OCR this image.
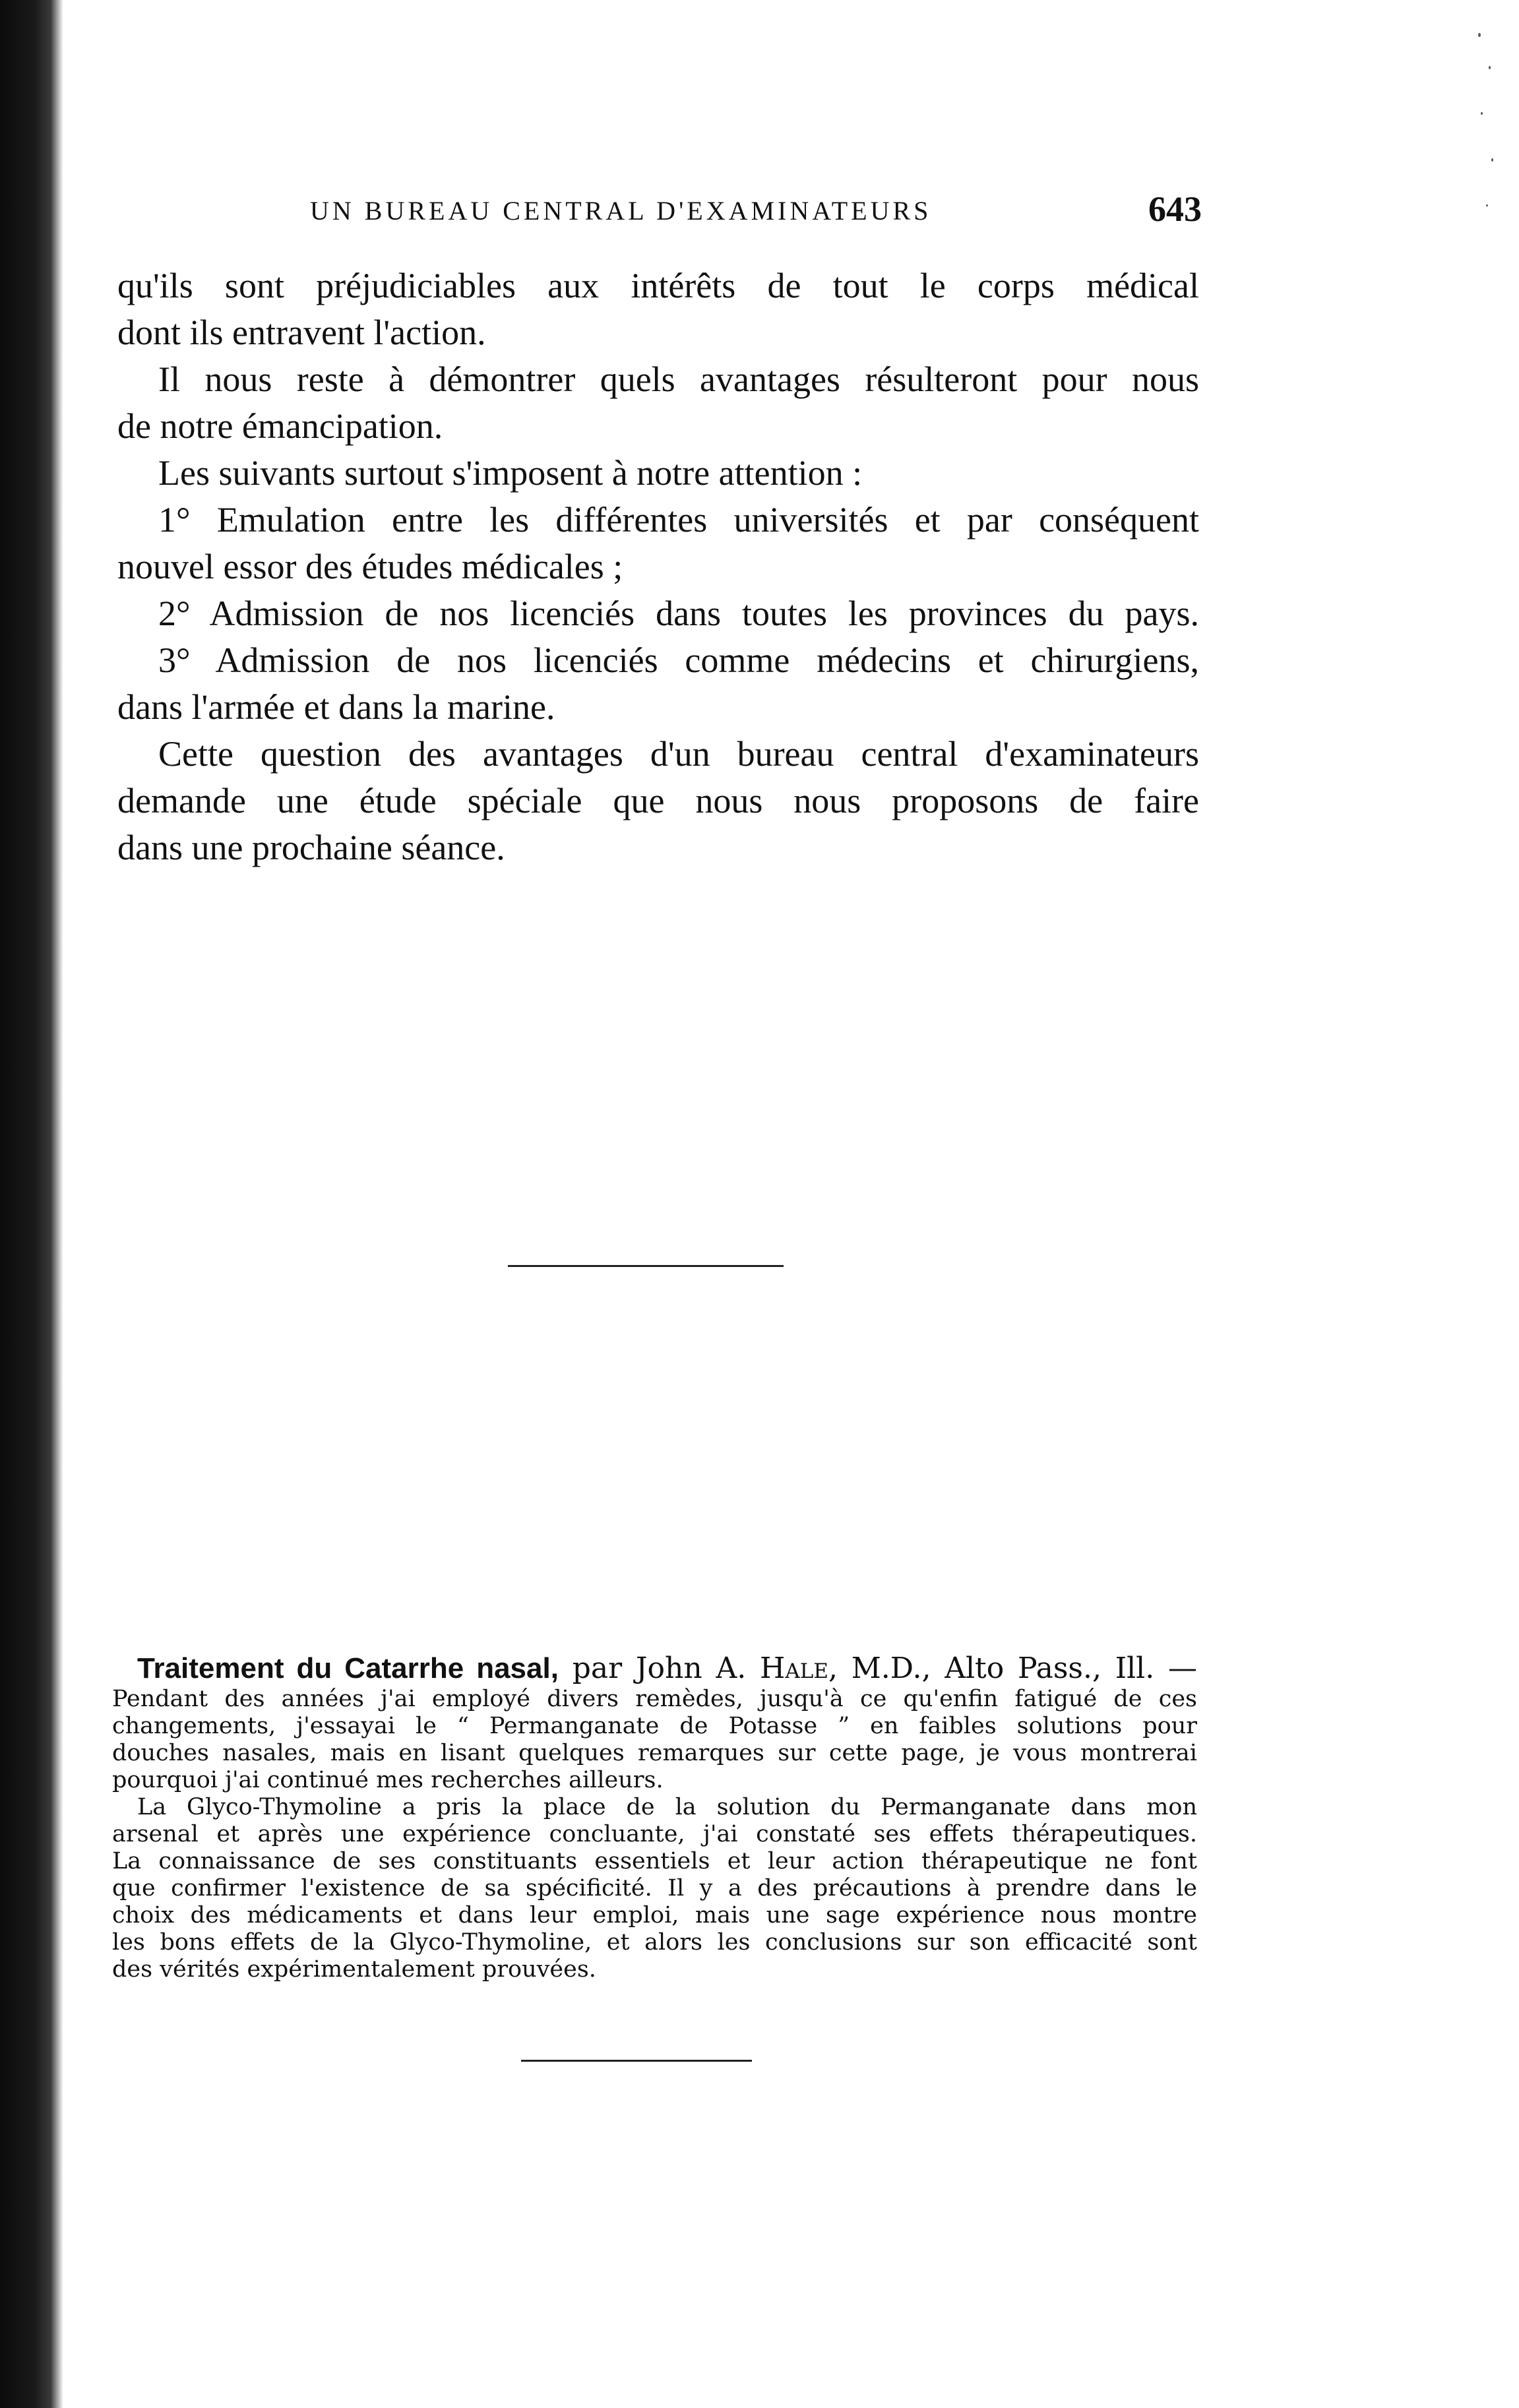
UN BUREAU CENTRAL D'EXAMINATEURS	643

qu'ils sont préjudiciables aux intérêts de tout le corps médical

dont ils entravent l'action.

Il nous reste à démontrer quels avantages résulteront pour nous

de notre émancipation.

Les suivants surtout s'imposent à notre attention :

1° Emulation entre les différentes universités et par conséquent

nouvel essor des études médicales ;

2° Admission de nos licenciés dans toutes les provinces du pays.

3° Admission de nos licenciés comme médecins et chirurgiens,

dans l'armée et dans la marine.

Cette question des avantages d'un bureau central d'examinateurs

demande une étude spéciale que nous nous proposons de faire

dans une prochaine séance.

Traitement du Catarrhe nasal, par John A. Hale, M.D., Alto Pass., Ill. —

Pendant des années j'ai employé divers remèdes, jusqu'à ce qu'enfin fatigué de ces

changements, j'essayai le “ Permanganate de Potasse ” en faibles solutions pour

douches nasales, mais en lisant quelques remarques sur cette page, je vous montrerai

pourquoi j'ai continué mes recherches ailleurs.

La Glyco-Thymoline a pris la place de la solution du Permanganate dans mon

arsenal et après une expérience concluante, j'ai constaté ses effets thérapeutiques.

La connaissance de ses constituants essentiels et leur action thérapeutique ne font

que confirmer l'existence de sa spécificité. Il y a des précautions à prendre dans le

choix des médicaments et dans leur emploi, mais une sage expérience nous montre

les bons effets de la Glyco-Thymoline, et alors les conclusions sur son efficacité sont

des vérités expérimentalement prouvées.
